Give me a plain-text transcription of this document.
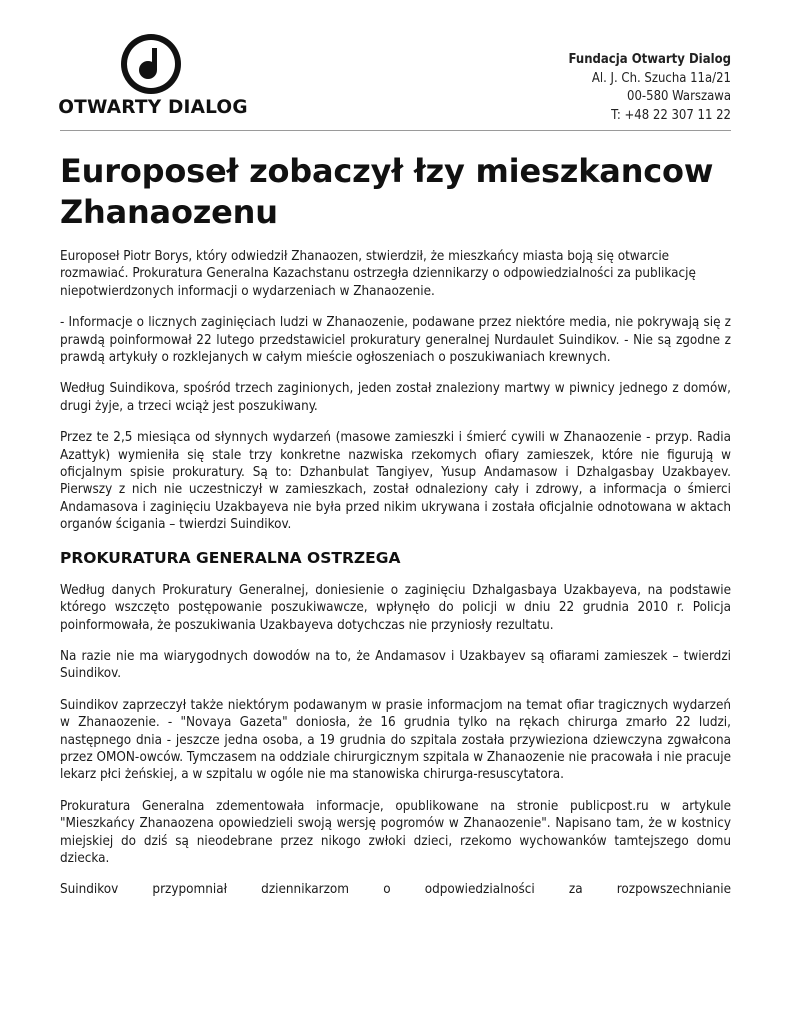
OTWARTY DIALOG
Fundacja Otwarty Dialog
Al. J. Ch. Szucha 11a/21
00-580 Warszawa
T: +48 22 307 11 22
Europoseł zobaczył łzy mieszkancow Zhanaozenu

Europoseł Piotr Borys, który odwiedził Zhanaozen, stwierdził, że mieszkańcy miasta boją się otwarcie rozmawiać. Prokuratura Generalna Kazachstanu ostrzegła dziennikarzy o odpowiedzialności za publikację niepotwierdzonych informacji o wydarzeniach w Zhanaozenie.

- Informacje o licznych zaginięciach ludzi w Zhanaozenie, podawane przez niektóre media, nie pokrywają się z prawdą poinformował 22 lutego przedstawiciel prokuratury generalnej Nurdaulet Suindikov. - Nie są zgodne z prawdą artykuły o rozklejanych w całym mieście ogłoszeniach o poszukiwaniach krewnych.

Według Suindikova, spośród trzech zaginionych, jeden został znaleziony martwy w piwnicy jednego z domów, drugi żyje, a trzeci wciąż jest poszukiwany.

Przez te 2,5 miesiąca od słynnych wydarzeń (masowe zamieszki i śmierć cywili w Zhanaozenie - przyp. Radia Azattyk) wymieniła się stale trzy konkretne nazwiska rzekomych ofiary zamieszek, które nie figurują w oficjalnym spisie prokuratury. Są to: Dzhanbulat Tangiyev, Yusup Andamasow i Dzhalgasbay Uzakbayev. Pierwszy z nich nie uczestniczył w zamieszkach, został odnaleziony cały i zdrowy, a informacja o śmierci Andamasova i zaginięciu Uzakbayeva nie była przed nikim ukrywana i została oficjalnie odnotowana w aktach organów ścigania – twierdzi Suindikov.

PROKURATURA GENERALNA OSTRZEGA

Według danych Prokuratury Generalnej, doniesienie o zaginięciu Dzhalgasbaya Uzakbayeva, na podstawie którego wszczęto postępowanie poszukiwawcze, wpłynęło do policji w dniu 22 grudnia 2010 r. Policja poinformowała, że poszukiwania Uzakbayeva dotychczas nie przyniosły rezultatu.

Na razie nie ma wiarygodnych dowodów na to, że Andamasov i Uzakbayev są ofiarami zamieszek – twierdzi Suindikov.

Suindikov zaprzeczył także niektórym podawanym w prasie informacjom na temat ofiar tragicznych wydarzeń w Zhanaozenie. - "Novaya Gazeta" doniosła, że 16 grudnia tylko na rękach chirurga zmarło 22 ludzi, następnego dnia - jeszcze jedna osoba, a 19 grudnia do szpitala została przywieziona dziewczyna zgwałcona przez OMON-owców. Tymczasem na oddziale chirurgicznym szpitala w Zhanaozenie nie pracowała i nie pracuje lekarz płci żeńskiej, a w szpitalu w ogóle nie ma stanowiska chirurga-resuscytatora.

Prokuratura Generalna zdementowała informacje, opublikowane na stronie publicpost.ru w artykule "Mieszkańcy Zhanaozena opowiedzieli swoją wersję pogromów w Zhanaozenie". Napisano tam, że w kostnicy miejskiej do dziś są nieodebrane przez nikogo zwłoki dzieci, rzekomo wychowanków tamtejszego domu dziecka.

Suindikov przypomniał dziennikarzom o odpowiedzialności za rozpowszechnianie
